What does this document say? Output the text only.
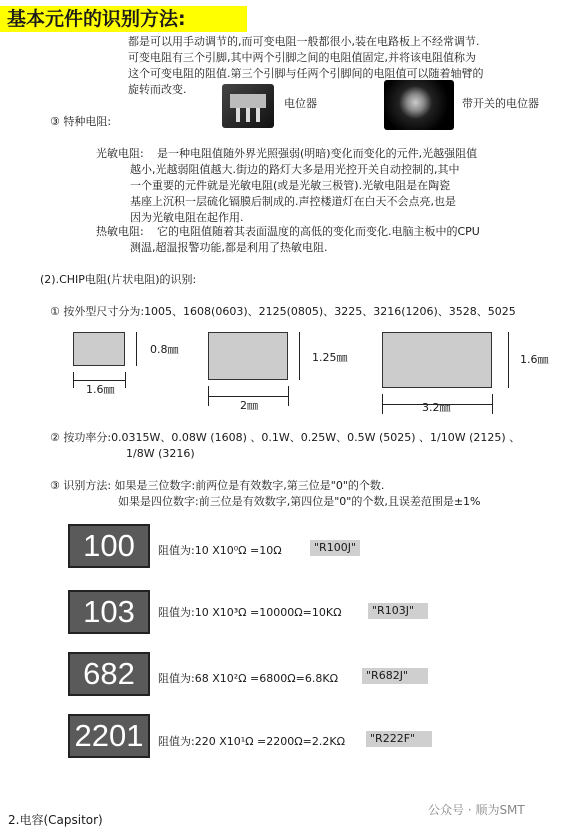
基本元件的识别方法:
都是可以用手动调节的,而可变电阻一般都很小,装在电路板上不经常调节.
可变电阻有三个引脚,其中两个引脚之间的电阻值固定,并将该电阻值称为
这个可变电阻的阻值.第三个引脚与任两个引脚间的电阻值可以随着轴臂的
旋转而改变.
电位器	带开关的电位器
③ 特种电阻:
光敏电阻: 是一种电阻值随外界光照强弱(明暗)变化而变化的元件,光越强阻值
越小,光越弱阻值越大.街边的路灯大多是用光控开关自动控制的,其中
一个重要的元件就是光敏电阻(或是光敏三极管).光敏电阻是在陶瓷
基座上沉积一层硫化镉膜后制成的.声控楼道灯在白天不会点亮,也是
因为光敏电阻在起作用.
热敏电阻: 它的电阻值随着其表面温度的高低的变化而变化.电脑主板中的CPU
测温,超温报警功能,都是利用了热敏电阻.
(2).CHIP电阻(片状电阻)的识别:
① 按外型尺寸分为:1005、1608(0603)、2125(0805)、3225、3216(1206)、3528、5025
0.8㎜
1.6㎜
1.25㎜
2㎜
1.6㎜
3.2㎜
② 按功率分:0.0315W、0.08W (1608) 、0.1W、0.25W、0.5W (5025) 、1/10W (2125) 、
1/8W (3216)
③ 识别方法: 如果是三位数字:前两位是有效数字,第三位是"0"的个数.
如果是四位数字:前三位是有效数字,第四位是"0"的个数,且误差范围是±1%
100	阻值为:10 X10⁰Ω =10Ω	"R100J"
103	阻值为:10 X10³Ω =10000Ω=10KΩ	"R103J"
682	阻值为:68 X10²Ω =6800Ω=6.8KΩ	"R682J"
2201	阻值为:220 X10¹Ω =2200Ω=2.2KΩ	"R222F"
2.电容(Capsitor)
公众号 · 顺为SMT
